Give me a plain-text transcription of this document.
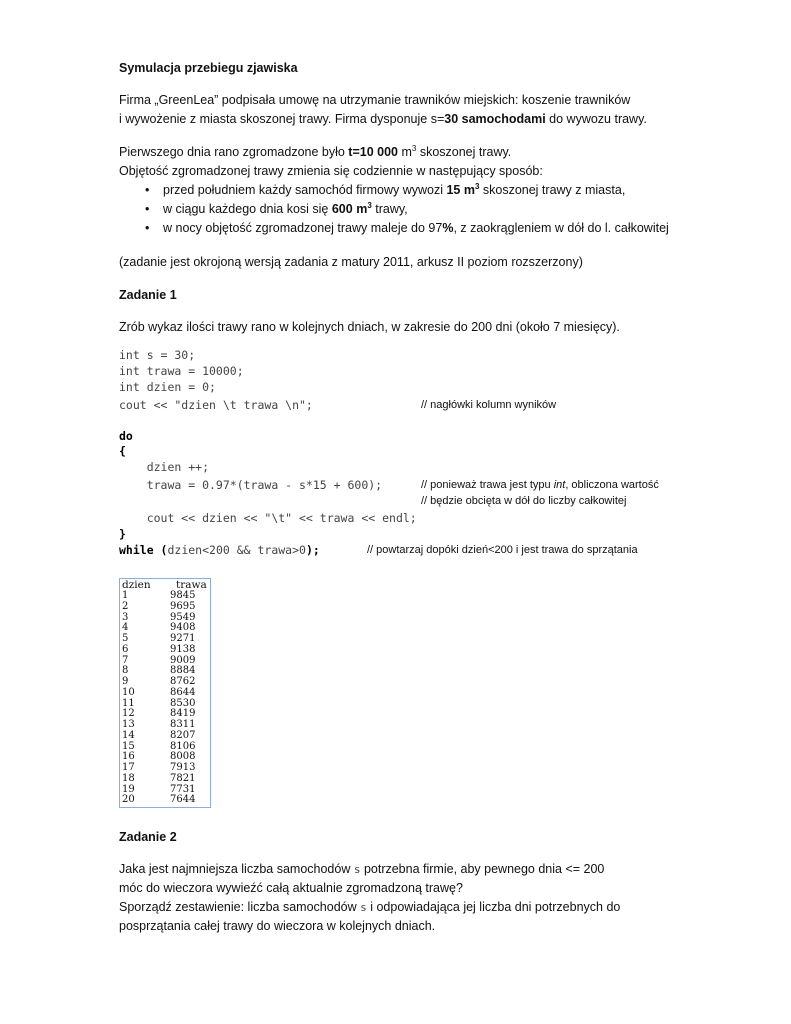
Symulacja przebiegu zjawiska
Firma „GreenLea” podpisała umowę na utrzymanie trawników miejskich: koszenie trawników
i wywożenie z miasta skoszonej trawy. Firma dysponuje s=30 samochodami do wywozu trawy.
Pierwszego dnia rano zgromadzone było t=10 000 $m^3$ skoszonej trawy.
Objętość zgromadzonej trawy zmienia się codziennie w następujący sposób:
• przed południem każdy samochód firmowy wywozi 15 $m^3$ skoszonej trawy z miasta,
• w ciągu każdego dnia kosi się 600 $m^3$ trawy,
• w nocy objętość zgromadzonej trawy maleje do 97%, z zaokrągleniem w dół do l. całkowitej
(zadanie jest okrojoną wersją zadania z matury 2011, arkusz II poziom rozszerzony)
Zadanie 1
Zrób wykaz ilości trawy rano w kolejnych dniach, w zakresie do 200 dni (około 7 miesięcy).
int s = 30;
int trawa = 10000;
int dzien = 0;
cout << "dzien \t trawa \n";	// nagłówki kolumn wyników
do
{
dzien ++;
trawa = 0.97*(trawa - s*15 + 600);	// ponieważ trawa jest typu int, obliczona wartość
// będzie obcięta w dół do liczby całkowitej
cout << dzien << "\t" << trawa << endl;
}
while (dzien<200 && trawa>0);	// powtarzaj dopóki dzień<200 i jest trawa do sprzątania
dzien trawa
1	9845
2	9695
3	9549
4	9408
5	9271
6	9138
7	9009
8	8884
9	8762
10	8644
11	8530
12	8419
13	8311
14	8207
15	8106
16	8008
17	7913
18	7821
19	7731
20	7644
Zadanie 2
Jaka jest najmniejsza liczba samochodów s potrzebna firmie, aby pewnego dnia <= 200
móc do wieczora wywieźć całą aktualnie zgromadzoną trawę?
Sporządź zestawienie: liczba samochodów s i odpowiadająca jej liczba dni potrzebnych do
posprzątania całej trawy do wieczora w kolejnych dniach.
